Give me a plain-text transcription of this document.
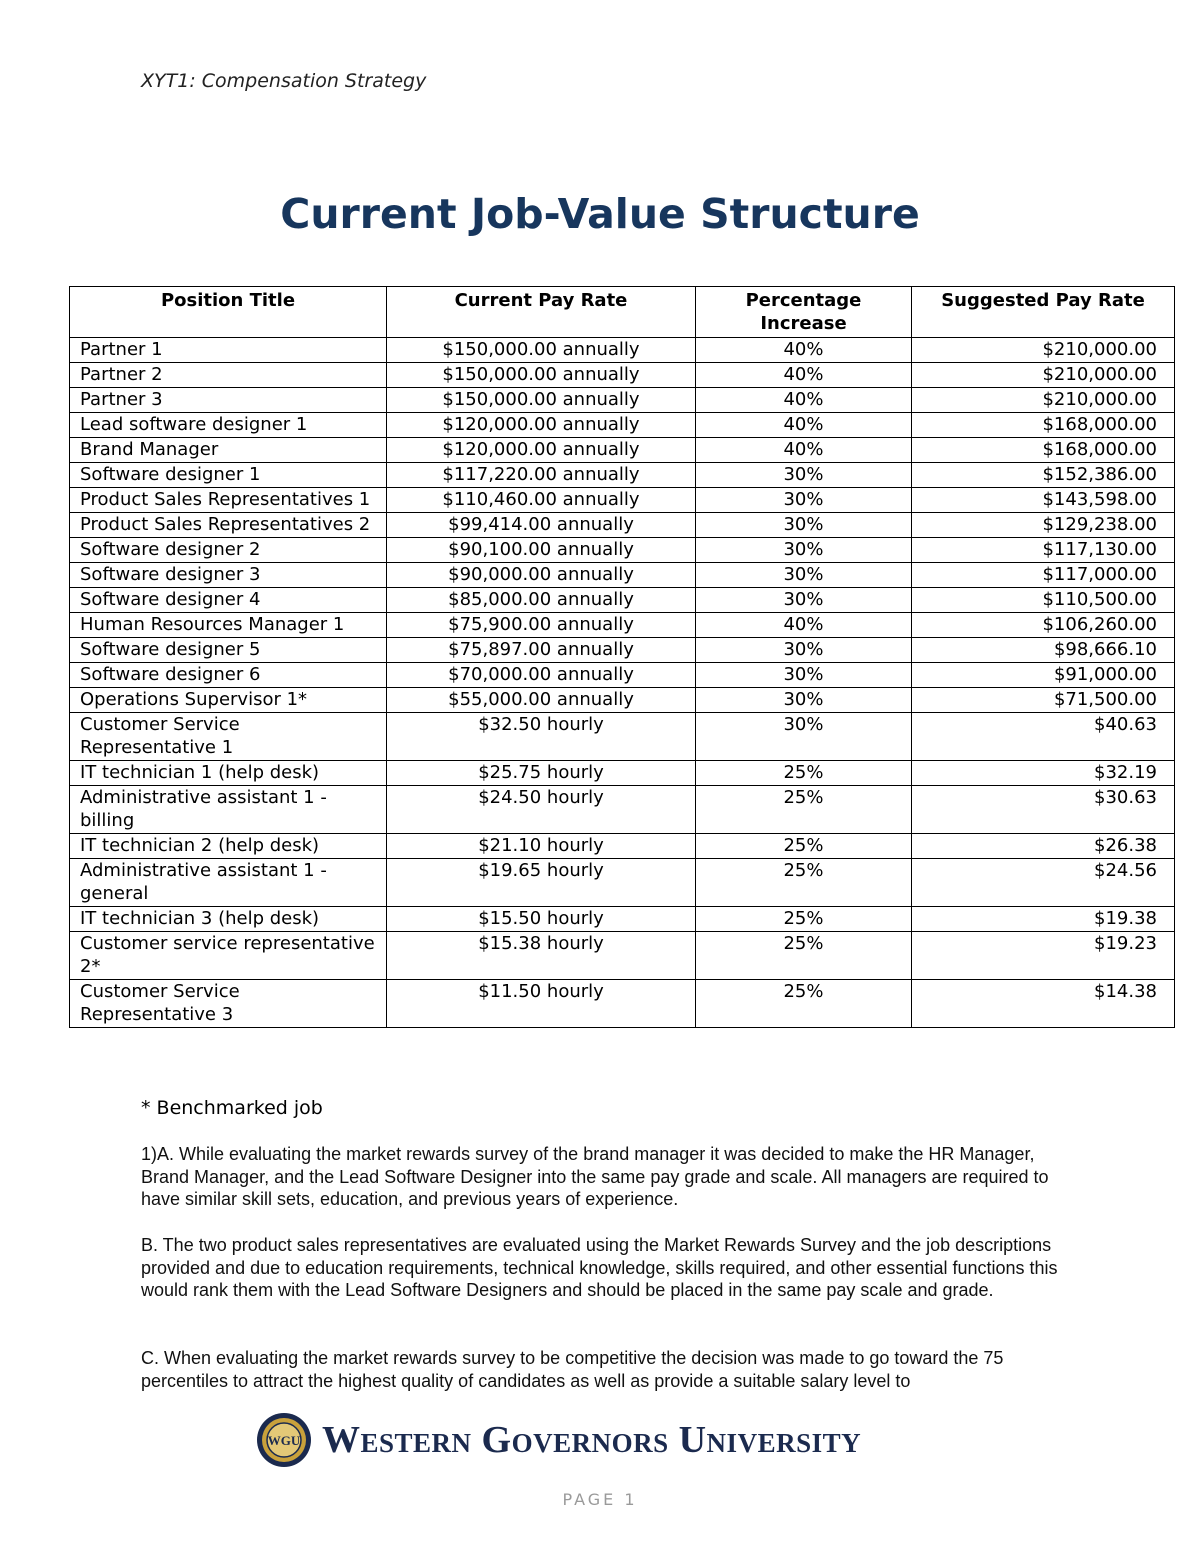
XYT1: Compensation Strategy
Current Job-Value Structure
Position Title	Current Pay Rate	Percentage Increase	Suggested Pay Rate
Partner 1	$150,000.00 annually	40%	$210,000.00
Partner 2	$150,000.00 annually	40%	$210,000.00
Partner 3	$150,000.00 annually	40%	$210,000.00
Lead software designer 1	$120,000.00 annually	40%	$168,000.00
Brand Manager	$120,000.00 annually	40%	$168,000.00
Software designer 1	$117,220.00 annually	30%	$152,386.00
Product Sales Representatives 1	$110,460.00 annually	30%	$143,598.00
Product Sales Representatives 2	$99,414.00 annually	30%	$129,238.00
Software designer 2	$90,100.00 annually	30%	$117,130.00
Software designer 3	$90,000.00 annually	30%	$117,000.00
Software designer 4	$85,000.00 annually	30%	$110,500.00
Human Resources Manager 1	$75,900.00 annually	40%	$106,260.00
Software designer 5	$75,897.00 annually	30%	$98,666.10
Software designer 6	$70,000.00 annually	30%	$91,000.00
Operations Supervisor 1*	$55,000.00 annually	30%	$71,500.00
Customer Service Representative 1	$32.50 hourly	30%	$40.63
IT technician 1 (help desk)	$25.75 hourly	25%	$32.19
Administrative assistant 1 - billing	$24.50 hourly	25%	$30.63
IT technician 2 (help desk)	$21.10 hourly	25%	$26.38
Administrative assistant 1 - general	$19.65 hourly	25%	$24.56
IT technician 3 (help desk)	$15.50 hourly	25%	$19.38
Customer service representative 2*	$15.38 hourly	25%	$19.23
Customer Service Representative 3	$11.50 hourly	25%	$14.38
* Benchmarked job

1)A. While evaluating the market rewards survey of the brand manager it was decided to make the HR Manager, Brand Manager, and the Lead Software Designer into the same pay grade and scale. All managers are required to have similar skill sets, education, and previous years of experience.

B. The two product sales representatives are evaluated using the Market Rewards Survey and the job descriptions provided and due to education requirements, technical knowledge, skills required, and other essential functions this would rank them with the Lead Software Designers and should be placed in the same pay scale and grade.

C. When evaluating the market rewards survey to be competitive the decision was made to go toward the 75 percentiles to attract the highest quality of candidates as well as provide a suitable salary level to

WGU Western Governors University
PAGE 1
